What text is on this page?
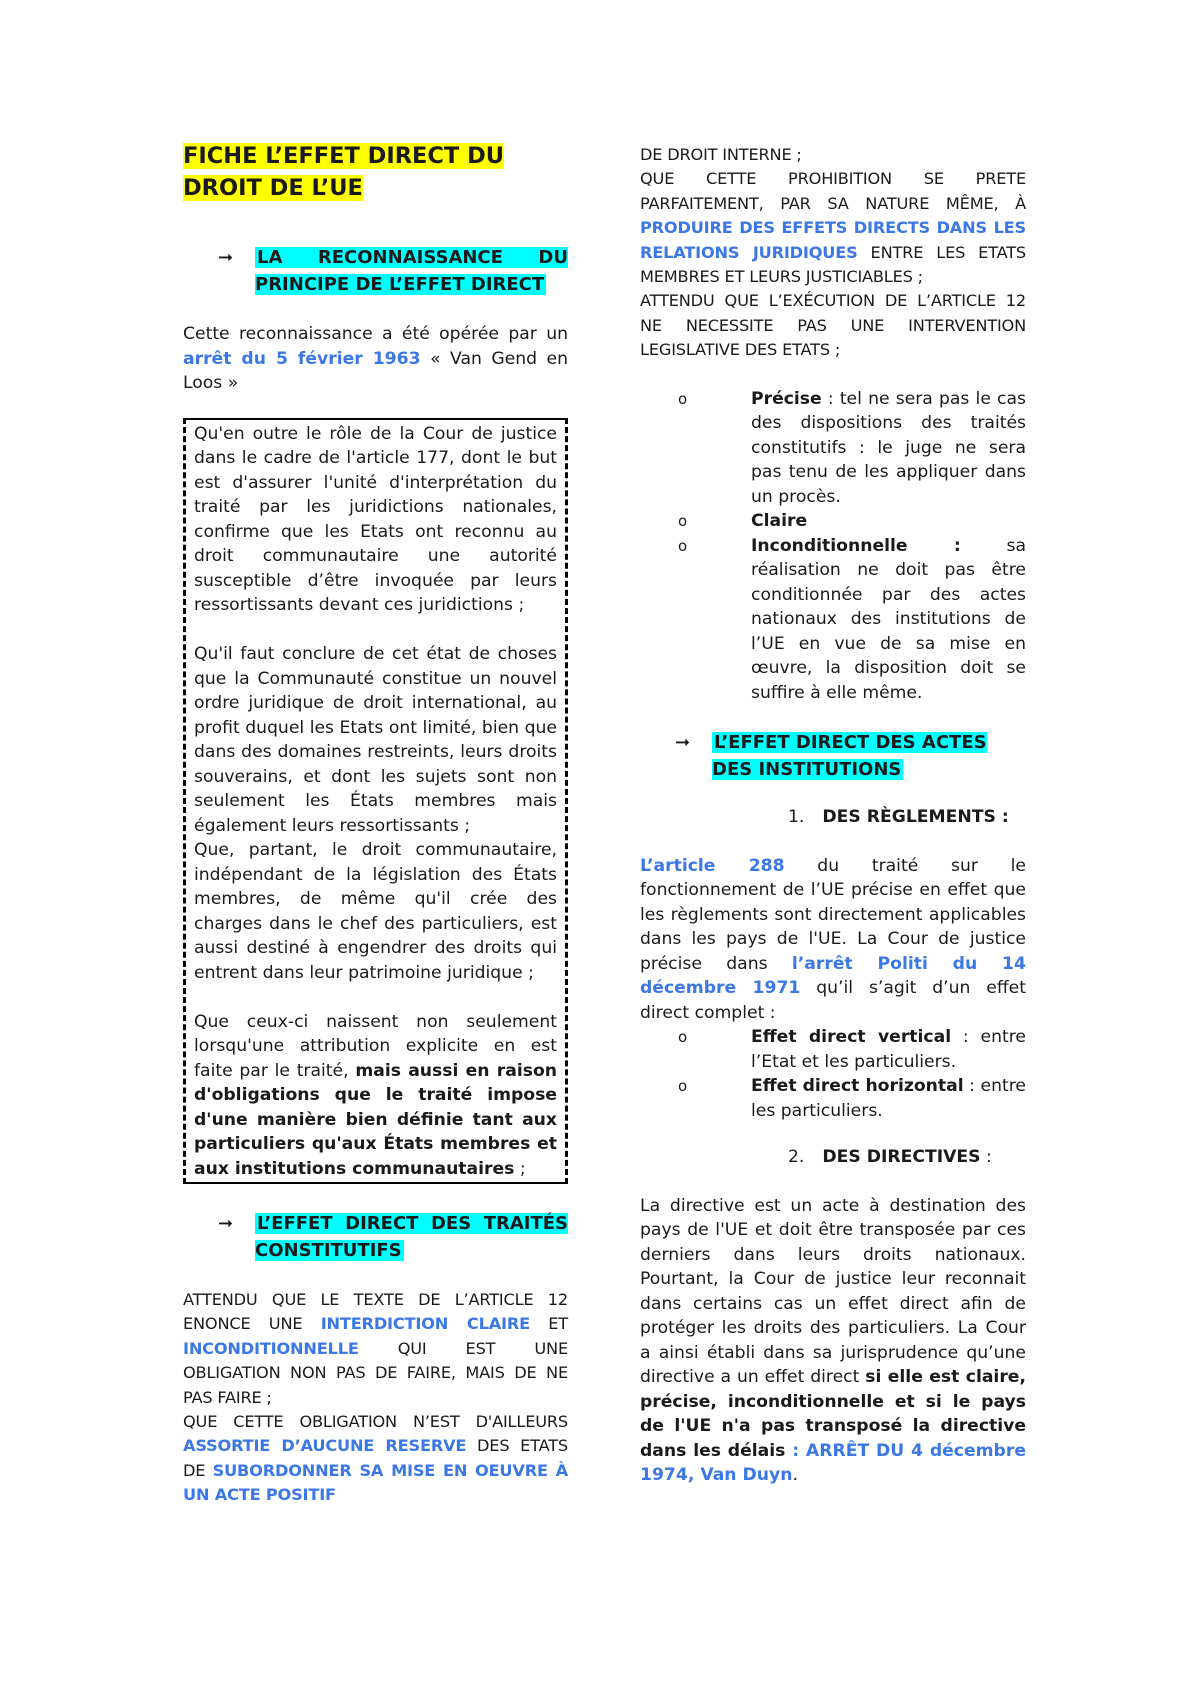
FICHE L’EFFET DIRECT DU
DROIT DE L’UE
➞	LA RECONNAISSANCE DU PRINCIPE DE L’EFFET DIRECT

Cette reconnaissance a été opérée par un arrêt du 5 février 1963 « Van Gend en Loos »

Qu'en outre le rôle de la Cour de justice dans le cadre de l'article 177, dont le but est d'assurer l'unité d'interprétation du traité par les juridictions nationales, confirme que les Etats ont reconnu au droit communautaire une autorité susceptible d’être invoquée par leurs ressortissants devant ces juridictions ;

Qu'il faut conclure de cet état de choses que la Communauté constitue un nouvel ordre juridique de droit international, au profit duquel les Etats ont limité, bien que dans des domaines restreints, leurs droits souverains, et dont les sujets sont non seulement les États membres mais également leurs ressortissants ;

Que, partant, le droit communautaire, indépendant de la législation des États membres, de même qu'il crée des charges dans le chef des particuliers, est aussi destiné à engendrer des droits qui entrent dans leur patrimoine juridique ;

Que ceux-ci naissent non seulement lorsqu'une attribution explicite en est faite par le traité, mais aussi en raison d'obligations que le traité impose d'une manière bien définie tant aux particuliers qu'aux États membres et aux institutions communautaires ;

➞	L’EFFET DIRECT DES TRAITÉS CONSTITUTIFS

ATTENDU QUE LE TEXTE DE L’ARTICLE 12 ENONCE UNE INTERDICTION CLAIRE ET INCONDITIONNELLE QUI EST UNE OBLIGATION NON PAS DE FAIRE, MAIS DE NE PAS FAIRE ;
QUE CETTE OBLIGATION N’EST D'AILLEURS ASSORTIE D’AUCUNE RESERVE DES ETATS DE SUBORDONNER SA MISE EN OEUVRE À UN ACTE POSITIF

DE DROIT INTERNE ;
QUE CETTE PROHIBITION SE PRETE PARFAITEMENT, PAR SA NATURE MÊME, À PRODUIRE DES EFFETS DIRECTS DANS LES RELATIONS JURIDIQUES ENTRE LES ETATS MEMBRES ET LEURS JUSTICIABLES ;
ATTENDU QUE L’EXÉCUTION DE L’ARTICLE 12 NE NECESSITE PAS UNE INTERVENTION LEGISLATIVE DES ETATS ;

o	Précise : tel ne sera pas le cas des dispositions des traités constitutifs : le juge ne sera pas tenu de les appliquer dans un procès.
o	Claire
o	Inconditionnelle : sa réalisation ne doit pas être conditionnée par des actes nationaux des institutions de l’UE en vue de sa mise en œuvre, la disposition doit se suffire à elle même.
➞	L’EFFET DIRECT DES ACTES DES INSTITUTIONS
1. DES RÈGLEMENTS :

L’article 288 du traité sur le fonctionnement de l’UE précise en effet que les règlements sont directement applicables dans les pays de l'UE. La Cour de justice précise dans l’arrêt Politi du 14 décembre 1971 qu’il s’agit d’un effet direct complet :

o	Effet direct vertical : entre l’Etat et les particuliers.
o	Effet direct horizontal : entre les particuliers.
2. DES DIRECTIVES :

La directive est un acte à destination des pays de l'UE et doit être transposée par ces derniers dans leurs droits nationaux. Pourtant, la Cour de justice leur reconnait dans certains cas un effet direct afin de protéger les droits des particuliers. La Cour a ainsi établi dans sa jurisprudence qu’une directive a un effet direct si elle est claire, précise, inconditionnelle et si le pays de l'UE n'a pas transposé la directive dans les délais : ARRÊT DU 4 décembre 1974, Van Duyn.
